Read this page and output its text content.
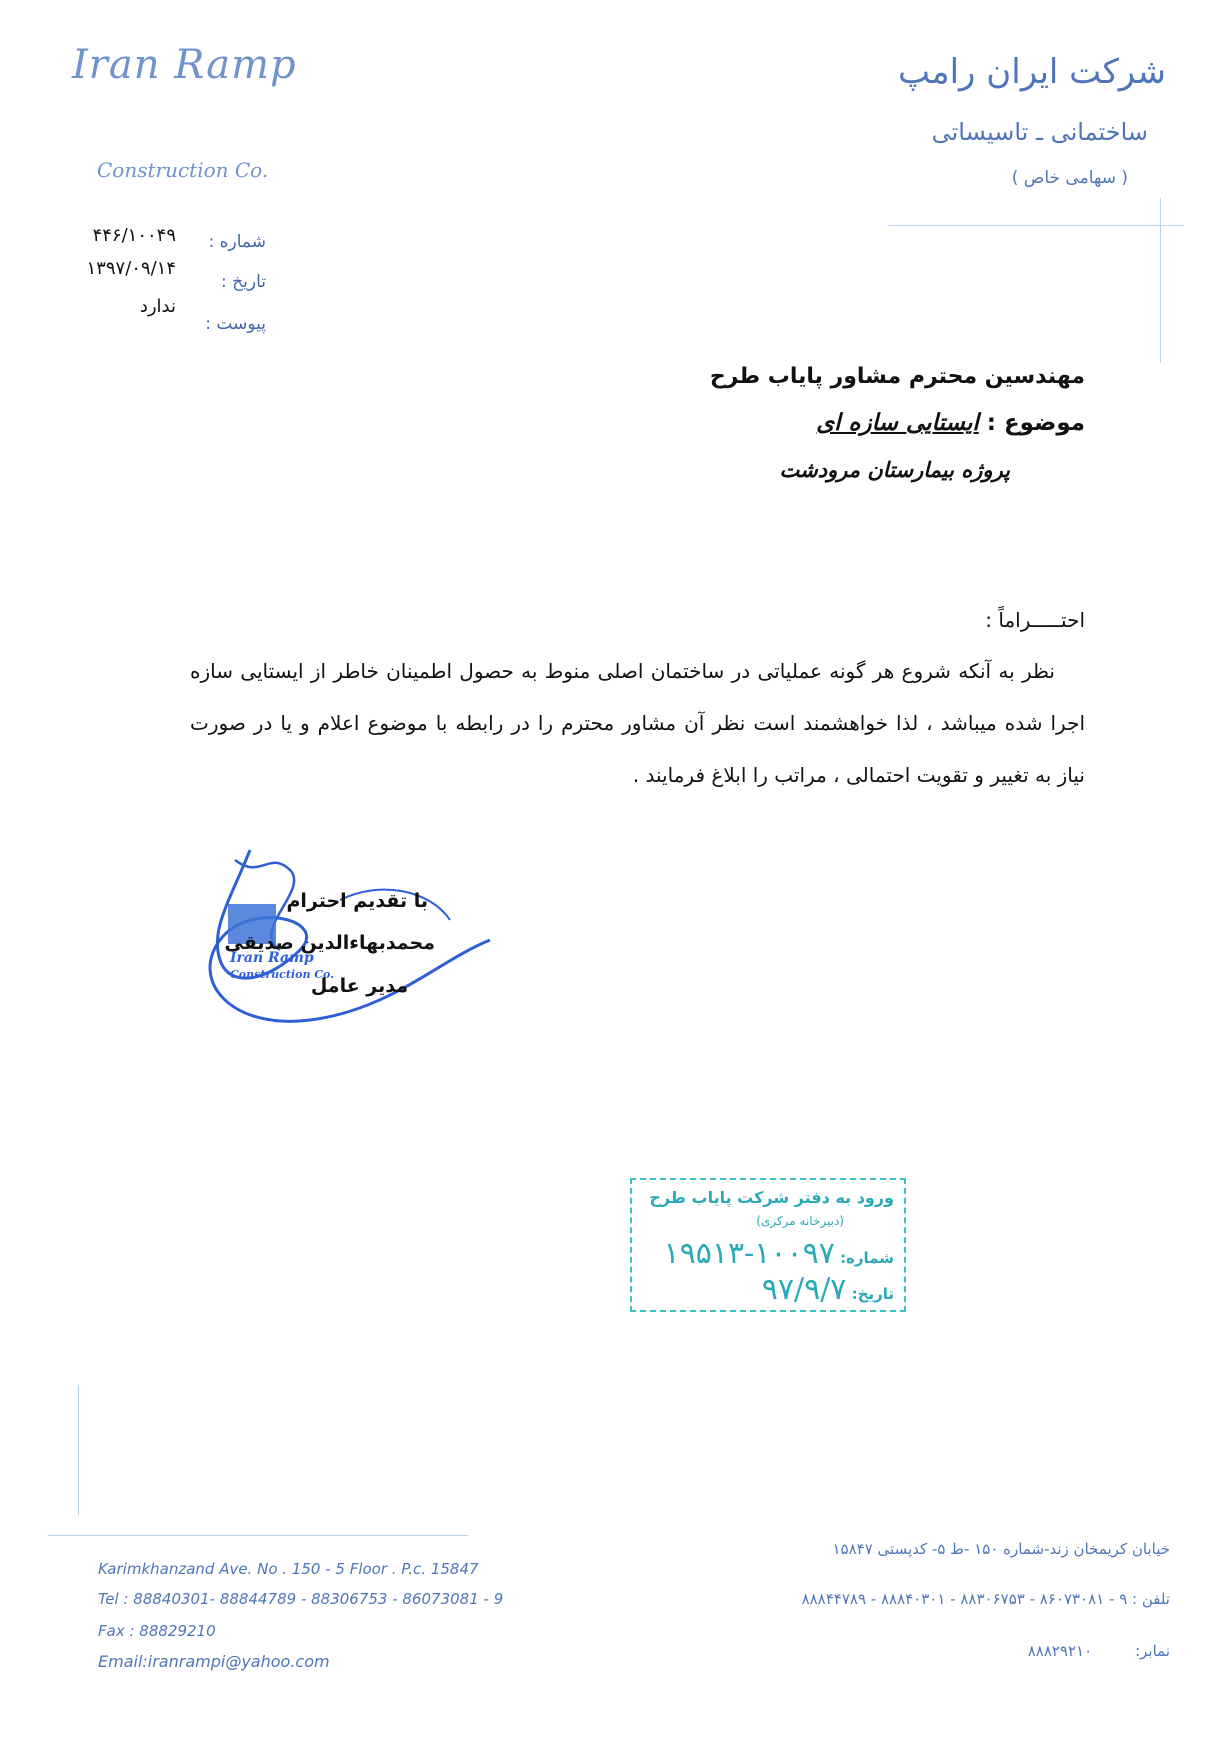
Iran Ramp
Construction Co.
شرکت ایران رامپ
ساختمانی ـ تاسیساتی
( سهامی خاص )
شماره :
۴۴۶/۱۰۰۴۹
تاریخ :
۱۳۹۷/۰۹/۱۴
پیوست :
ندارد
مهندسین محترم مشاور پایاب طرح
موضوع : ایستایی سازه ای
پروژه بیمارستان مرودشت
احتـــــراماً :
نظر به آنکه شروع هر گونه عملیاتی در ساختمان اصلی منوط به حصول اطمینان خاطر از ایستایی سازه اجرا شده میباشد ، لذا خواهشمند است نظر آن مشاور محترم را در رابطه با موضوع اعلام و یا در صورت نیاز به تغییر و تقویت احتمالی ، مراتب را ابلاغ فرمایند .
Iran Ramp
Construction Co.
با تقدیم احترام
محمدبهاءالدین صدیقی
مدیر عامل
ورود به دفتر شرکت پایاب طرح
(دبیرخانه مرکزی)
شماره: ۱۰۰۹۷-۱۹۵۱۳
تاریخ: ۹۷/۹/۷
Karimkhanzand Ave. No . 150 - 5 Floor . P.c. 15847
Tel : 88840301- 88844789 - 88306753 - 86073081 - 9
Fax : 88829210
Email:iranrampi@yahoo.com
خیابان کریمخان زند-شماره ۱۵۰ -ط ۵- کدپستی ۱۵۸۴۷
تلفن : ۹ - ۸۶۰۷۳۰۸۱ - ۸۸۳۰۶۷۵۳ - ۸۸۸۴۰۳۰۱ - ۸۸۸۴۴۷۸۹
نمابر:         ۸۸۸۲۹۲۱۰
